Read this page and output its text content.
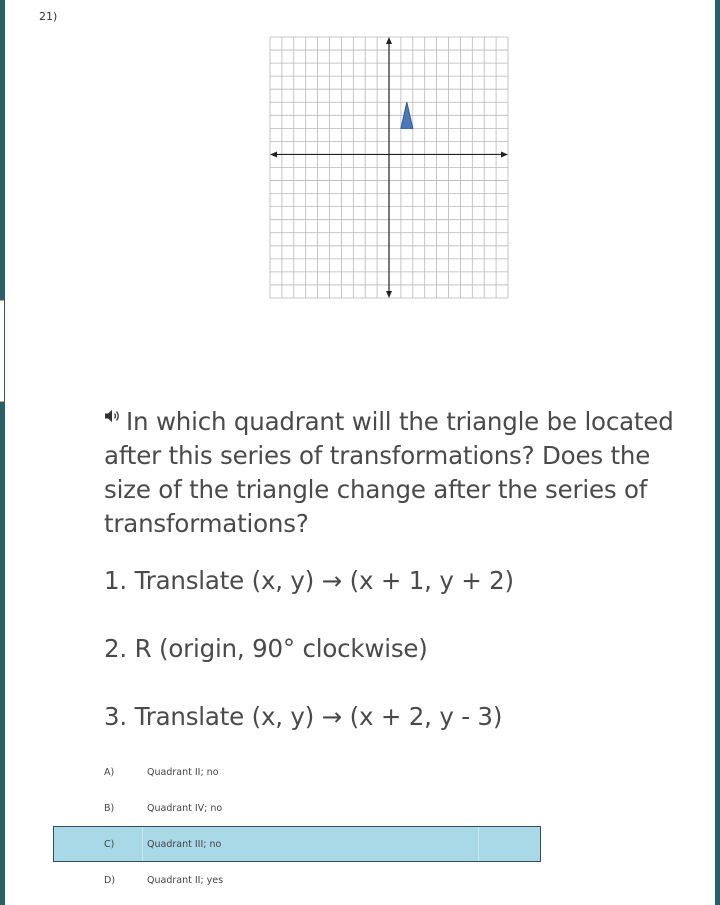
21)
In which quadrant will the triangle be located after this series of transformations? Does the size of the triangle change after the series of transformations?
1. Translate (x, y) → (x + 1, y + 2)
2. R (origin, 90° clockwise)
3. Translate (x, y) → (x + 2, y - 3)
A)	Quadrant II; no
B)	Quadrant IV; no
C)	Quadrant III; no
D)	Quadrant II; yes
